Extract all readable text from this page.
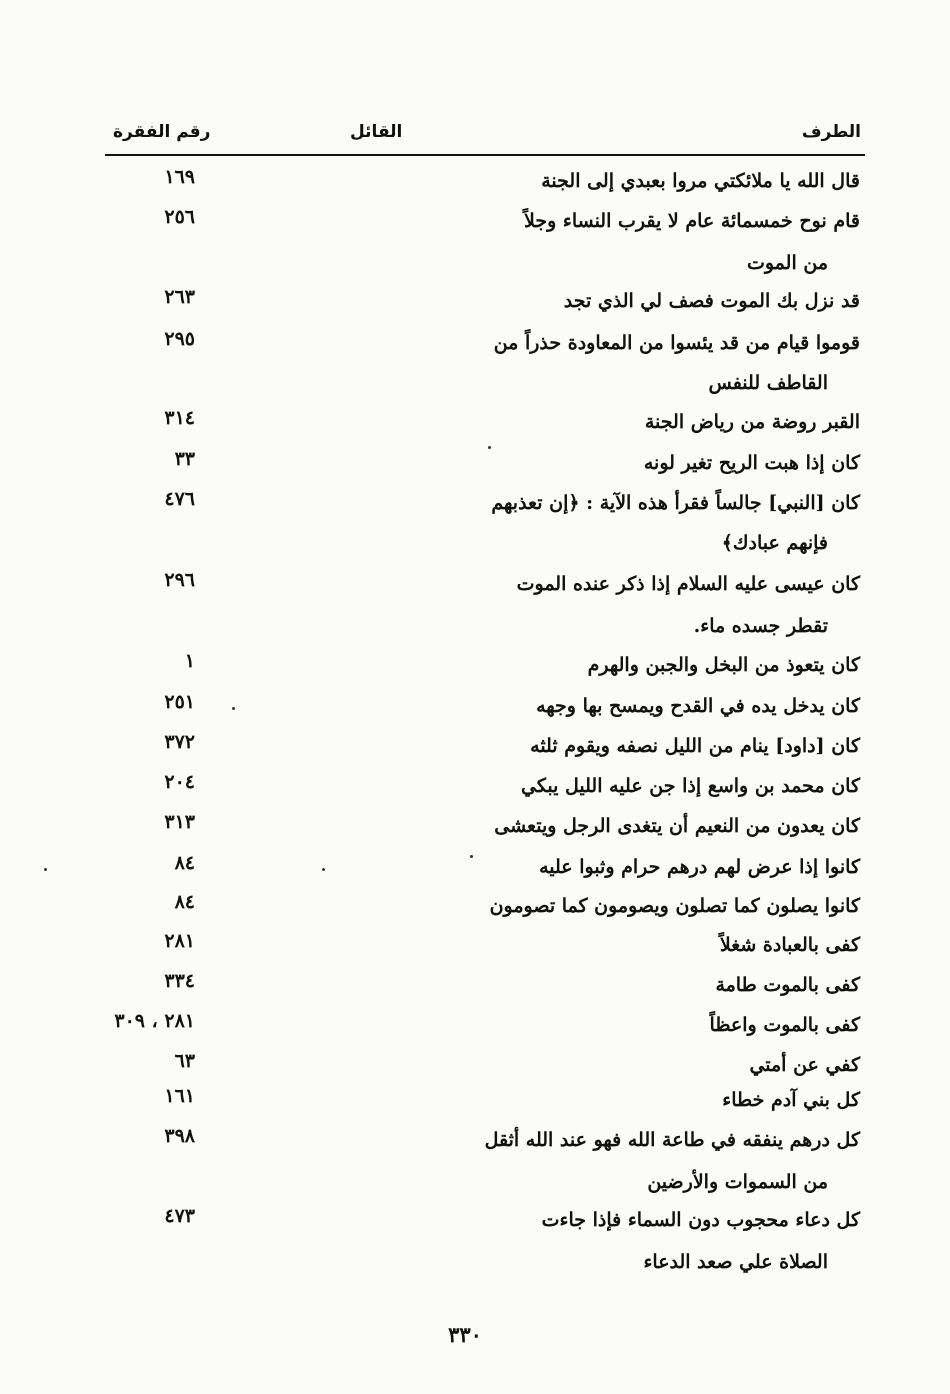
الطرف
القائل
رقم الفقرة
قال الله يا ملائكتي مروا بعبدي إلى الجنة
١٦٩
قام نوح خمسمائة عام لا يقرب النساء وجلاً
من الموت
٢٥٦
قد نزل بك الموت فصف لي الذي تجد
٢٦٣
قوموا قيام من قد يئسوا من المعاودة حذراً من
القاطف للنفس
٢٩٥
القبر روضة من رياض الجنة
٣١٤
كان إذا هبت الريح تغير لونه
٣٣
كان [النبي] جالساً فقرأ هذه الآية : ﴿إن تعذبهم
فإنهم عبادك﴾
٤٧٦
كان عيسى عليه السلام إذا ذكر عنده الموت
تقطر جسده ماء.
٢٩٦
كان يتعوذ من البخل والجبن والهرم
١
كان يدخل يده في القدح ويمسح بها وجهه
٢٥١
كان [داود] ينام من الليل نصفه ويقوم ثلثه
٣٧٢
كان محمد بن واسع إذا جن عليه الليل يبكي
٢٠٤
كان يعدون من النعيم أن يتغدى الرجل ويتعشى
٣١٣
كانوا إذا عرض لهم درهم حرام وثبوا عليه
٨٤
كانوا يصلون كما تصلون ويصومون كما تصومون
٨٤
كفى بالعبادة شغلاً
٢٨١
كفى بالموت طامة
٣٣٤
كفى بالموت واعظاً
٢٨١ ، ٣٠٩
كفي عن أمتي
٦٣
كل بني آدم خطاء
١٦١
كل درهم ينفقه في طاعة الله فهو عند الله أثقل
من السموات والأرضين
٣٩٨
كل دعاء محجوب دون السماء فإذا جاءت
الصلاة علي صعد الدعاء
٤٧٣
٣٣٠
